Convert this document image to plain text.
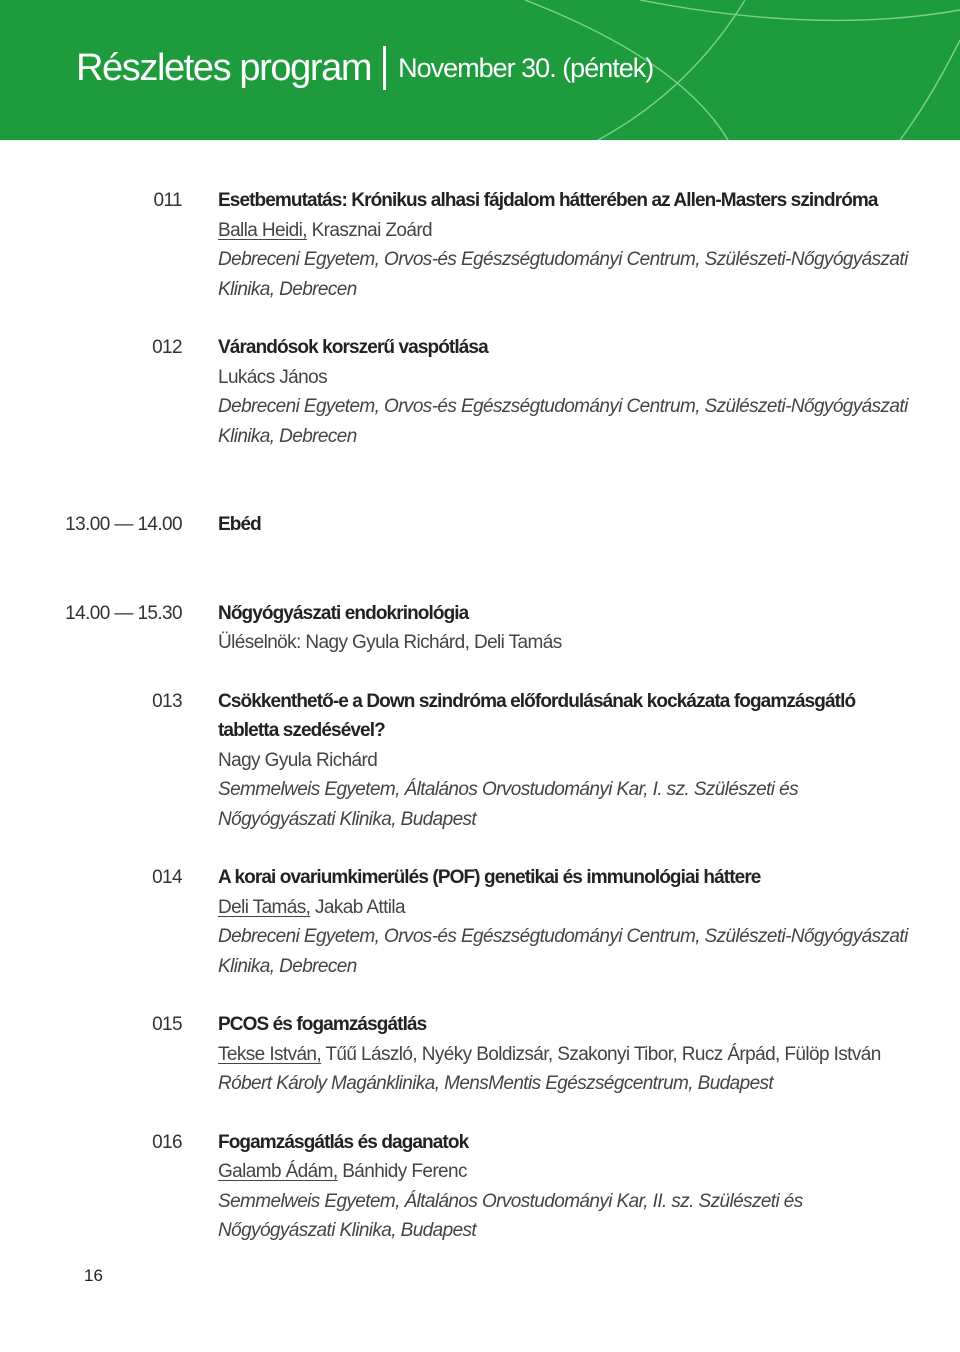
Részletes program November 30. (péntek)
011 Esetbemutatás: Krónikus alhasi fájdalom hátterében az Allen-Masters szindróma
Balla Heidi, Krasznai Zoárd
Debreceni Egyetem, Orvos-és Egészségtudományi Centrum, Szülészeti-Nőgyógyászati Klinika, Debrecen
012 Várandósok korszerű vaspótlása
Lukács János
Debreceni Egyetem, Orvos-és Egészségtudományi Centrum, Szülészeti-Nőgyógyászati Klinika, Debrecen
13.00 — 14.00 Ebéd
14.00 — 15.30 Nőgyógyászati endokrinológia
Üléselnök: Nagy Gyula Richárd, Deli Tamás
013 Csökkenthető-e a Down szindróma előfordulásának kockázata fogamzásgátló tabletta szedésével?
Nagy Gyula Richárd
Semmelweis Egyetem, Általános Orvostudományi Kar, I. sz. Szülészeti és Nőgyógyászati Klinika, Budapest
014 A korai ovariumkimerülés (POF) genetikai és immunológiai háttere
Deli Tamás, Jakab Attila
Debreceni Egyetem, Orvos-és Egészségtudományi Centrum, Szülészeti-Nőgyógyászati Klinika, Debrecen
015 PCOS és fogamzásgátlás
Tekse István, Tűű László, Nyéky Boldizsár, Szakonyi Tibor, Rucz Árpád, Fülöp István
Róbert Károly Magánklinika, MensMentis Egészségcentrum, Budapest
016 Fogamzásgátlás és daganatok
Galamb Ádám, Bánhidy Ferenc
Semmelweis Egyetem, Általános Orvostudományi Kar, II. sz. Szülészeti és Nőgyógyászati Klinika, Budapest
16
